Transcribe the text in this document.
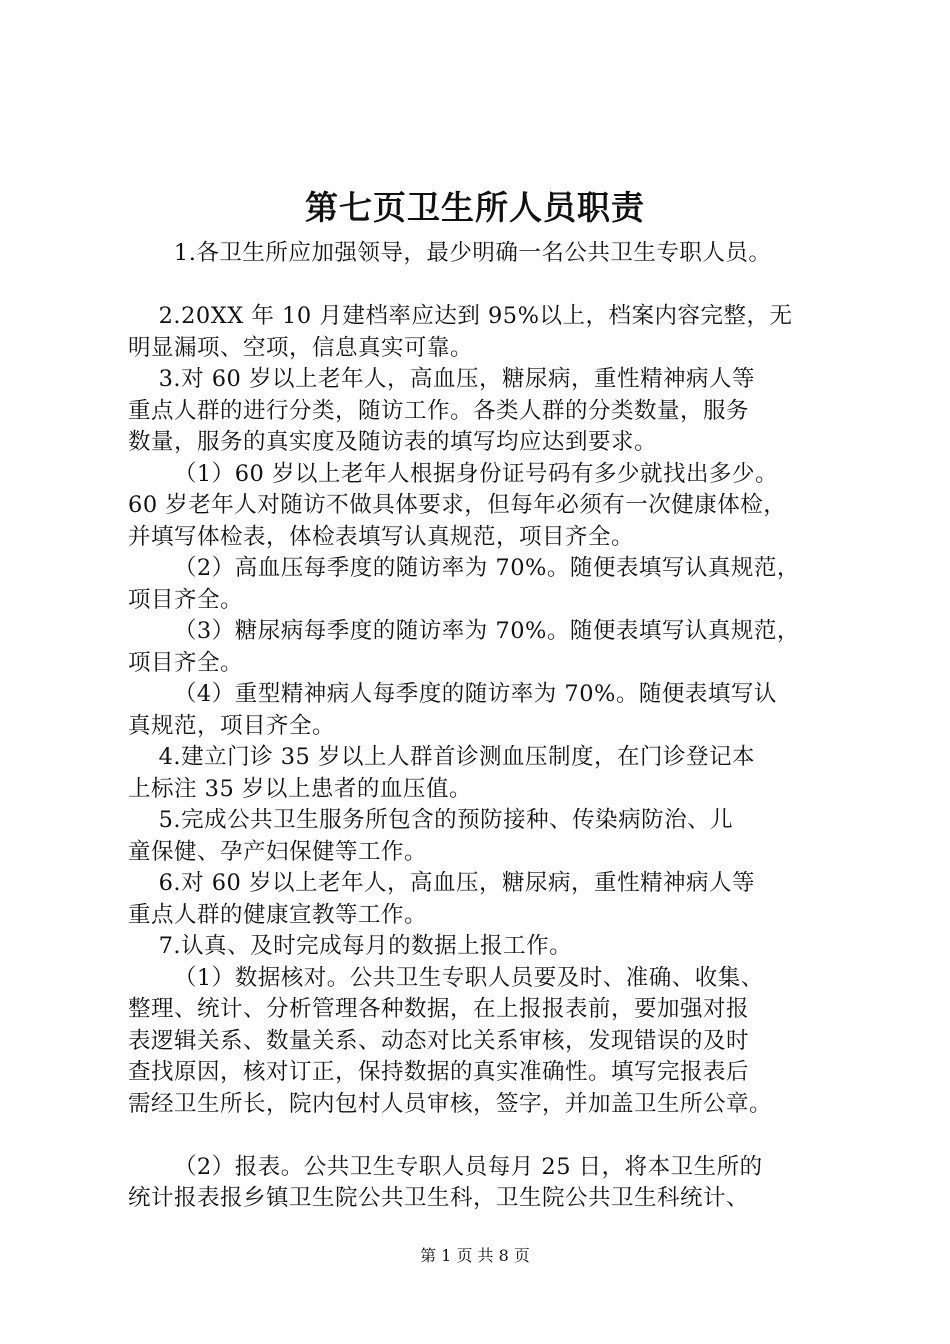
第七页卫生所人员职责
1.各卫生所应加强领导，最少明确一名公共卫生专职人员。
2.20XX 年 10 月建档率应达到 95%以上，档案内容完整，无
明显漏项、空项，信息真实可靠。
3.对 60 岁以上老年人，高血压，糖尿病，重性精神病人等
重点人群的进行分类，随访工作。各类人群的分类数量，服务
数量，服务的真实度及随访表的填写均应达到要求。
（1）60 岁以上老年人根据身份证号码有多少就找出多少。
60 岁老年人对随访不做具体要求，但每年必须有一次健康体检，
并填写体检表，体检表填写认真规范，项目齐全。
（2）高血压每季度的随访率为 70%。随便表填写认真规范，
项目齐全。
（3）糖尿病每季度的随访率为 70%。随便表填写认真规范，
项目齐全。
（4）重型精神病人每季度的随访率为 70%。随便表填写认
真规范，项目齐全。
4.建立门诊 35 岁以上人群首诊测血压制度，在门诊登记本
上标注 35 岁以上患者的血压值。
5.完成公共卫生服务所包含的预防接种、传染病防治、儿
童保健、孕产妇保健等工作。
6.对 60 岁以上老年人，高血压，糖尿病，重性精神病人等
重点人群的健康宣教等工作。
7.认真、及时完成每月的数据上报工作。
（1）数据核对。公共卫生专职人员要及时、准确、收集、
整理、统计、分析管理各种数据，在上报报表前，要加强对报
表逻辑关系、数量关系、动态对比关系审核，发现错误的及时
查找原因，核对订正，保持数据的真实准确性。填写完报表后
需经卫生所长，院内包村人员审核，签字，并加盖卫生所公章。
（2）报表。公共卫生专职人员每月 25 日，将本卫生所的
统计报表报乡镇卫生院公共卫生科，卫生院公共卫生科统计、
第 1 页 共 8 页
